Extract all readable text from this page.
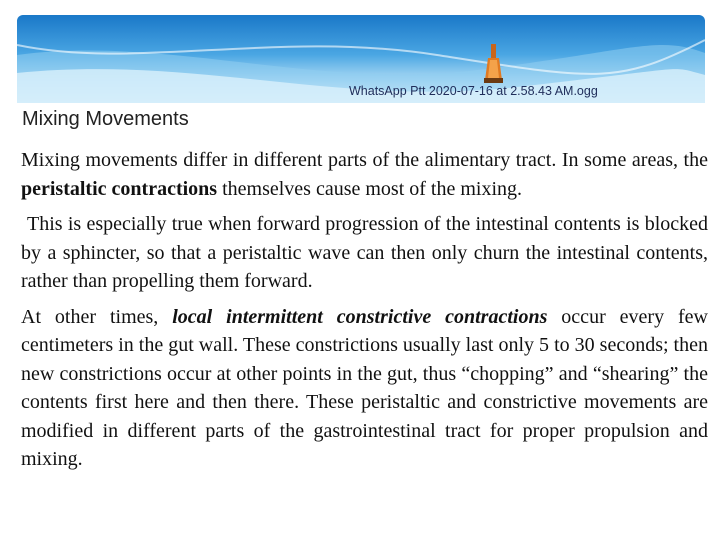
WhatsApp Ptt 2020-07-16 at 2.58.43 AM.ogg
Mixing Movements

Mixing movements differ in different parts of the alimentary tract. In some areas, the peristaltic contractions themselves cause most of the mixing.

This is especially true when forward progression of the intestinal contents is blocked by a sphincter, so that a peristaltic wave can then only churn the intestinal contents, rather than propelling them forward.

At other times, local intermittent constrictive contractions occur every few centimeters in the gut wall. These constrictions usually last only 5 to 30 seconds; then new constrictions occur at other points in the gut, thus “chopping” and “shearing” the contents first here and then there. These peristaltic and constrictive movements are modified in different parts of the gastrointestinal tract for proper propulsion and mixing.
